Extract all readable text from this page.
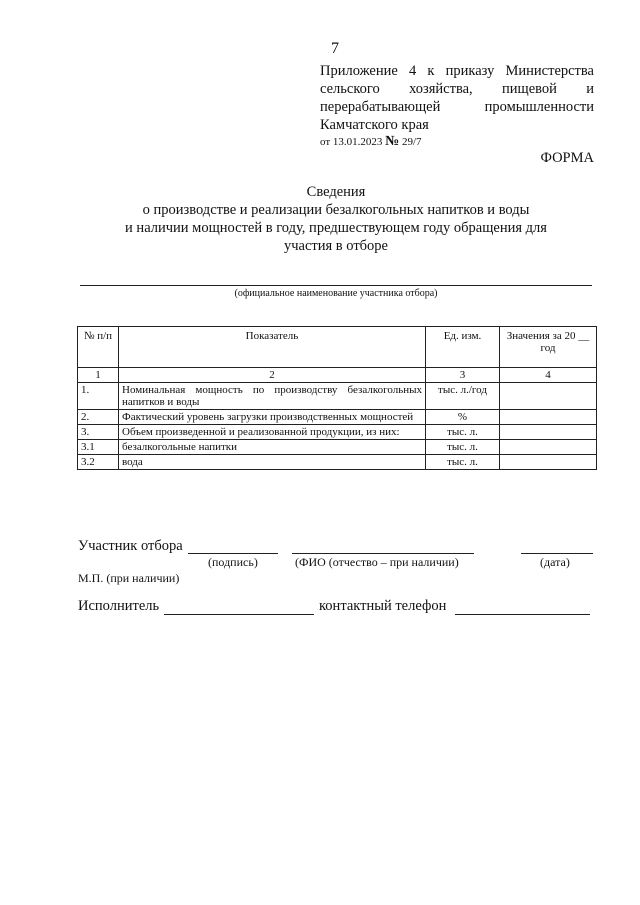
7
Приложение 4 к приказу Министерства
сельского хозяйства, пищевой и
перерабатывающей промышленности
Камчатского края
от 13.01.2023 № 29/7
ФОРМА
Сведения
о производстве и реализации безалкогольных напитков и воды
и наличии мощностей в году, предшествующем году обращения для
участия в отборе
(официальное наименование участника отбора)
№ п/п	Показатель	Ед. изм.	Значения за 20 __ год
1	2	3	4
1.	Номинальная мощность по производству безалкогольных напитков и воды	тыс. л./год	
2.	Фактический уровень загрузки производственных мощностей	%	
3.	Объем произведенной и реализованной продукции, из них:	тыс. л.	
3.1	безалкогольные напитки	тыс. л.	
3.2	вода	тыс. л.	
Участник отбора
(подпись)	(ФИО (отчество – при наличии)	(дата)
М.П. (при наличии)
Исполнитель	контактный телефон
